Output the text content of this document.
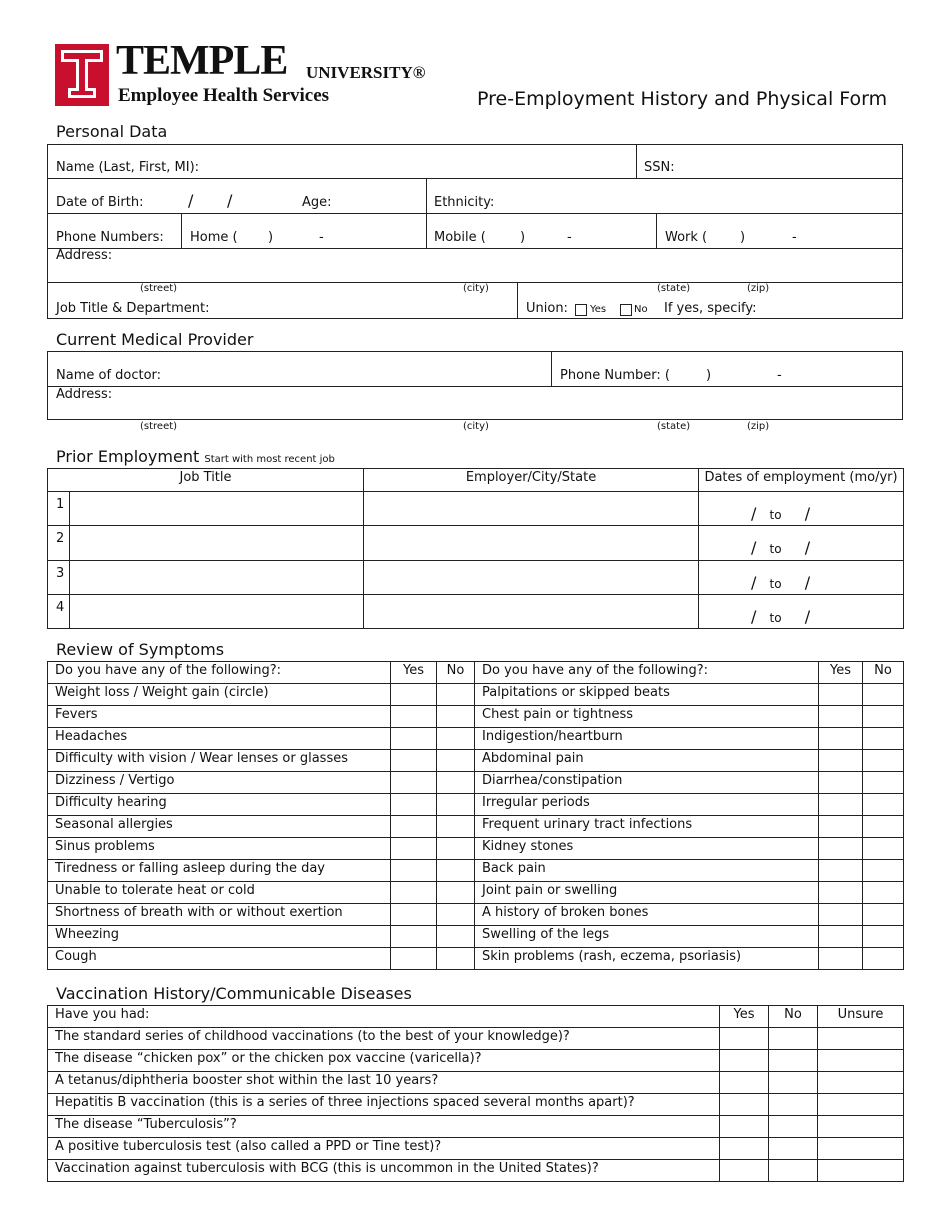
TEMPLE UNIVERSITY®
Employee Health Services	Pre-Employment History and Physical Form
Personal Data
Name (Last, First, MI):	SSN:
Date of Birth:	/ /	Age:	Ethnicity:
Phone Numbers: Home ( )	-	Mobile (	)	-	Work (	)	-
Address:
(street)	(city)	(state)	(zip)
Job Title & Department:	Union: Yes	No If yes, specify:
Current Medical Provider
Name of doctor:	Phone Number: (	)	-
Address:
(street)	(city)	(state)	(zip)
Prior Employment Start with most recent job
Job Title		Employer/City/State	Dates of employment (mo/yr)
1			/ to /
2			/ to /
3			/ to /
4			/ to /
Review of Symptoms
Do you have any of the following?:	Yes	No	Do you have any of the following?:	Yes	No
Weight loss / Weight gain (circle)			Palpitations or skipped beats		
Fevers			Chest pain or tightness		
Headaches			Indigestion/heartburn		
Difficulty with vision / Wear lenses or glasses			Abdominal pain		
Dizziness / Vertigo			Diarrhea/constipation		
Difficulty hearing			Irregular periods		
Seasonal allergies			Frequent urinary tract infections		
Sinus problems			Kidney stones		
Tiredness or falling asleep during the day			Back pain		
Unable to tolerate heat or cold			Joint pain or swelling		
Shortness of breath with or without exertion			A history of broken bones		
Wheezing			Swelling of the legs		
Cough			Skin problems (rash, eczema, psoriasis)		
Vaccination History/Communicable Diseases
Have you had:	Yes	No	Unsure
The standard series of childhood vaccinations (to the best of your knowledge)?			
The disease “chicken pox” or the chicken pox vaccine (varicella)?			
A tetanus/diphtheria booster shot within the last 10 years?			
Hepatitis B vaccination (this is a series of three injections spaced several months apart)?			
The disease “Tuberculosis”?			
A positive tuberculosis test (also called a PPD or Tine test)?			
Vaccination against tuberculosis with BCG (this is uncommon in the United States)?			
